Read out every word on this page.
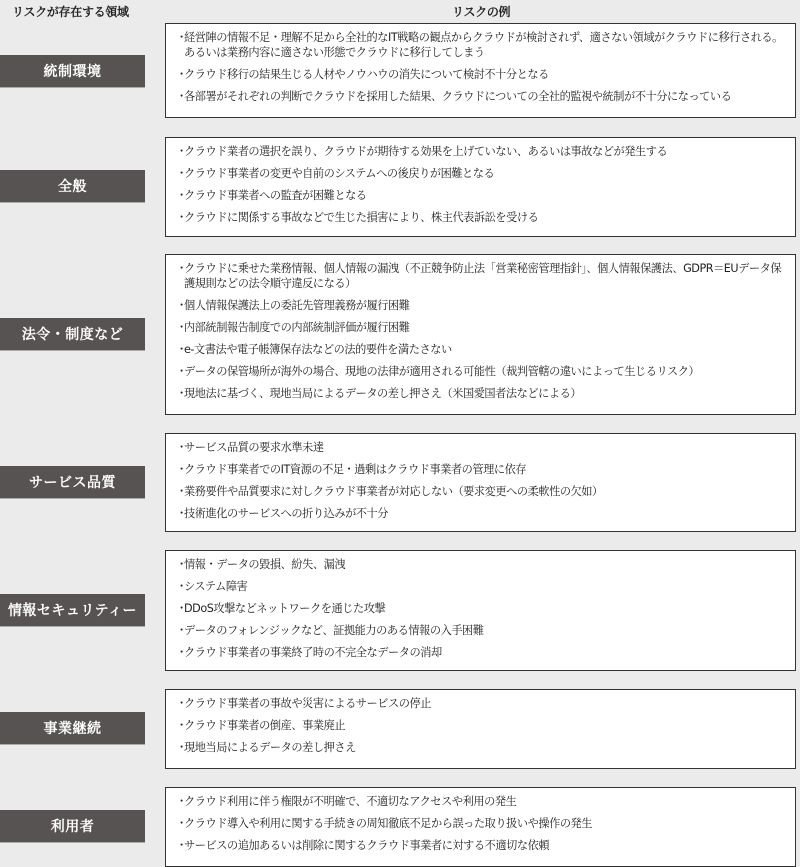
リスクが存在する領域	リスクの例
統制環境
・経営陣の情報不足・理解不足から全社的なIT戦略の観点からクラウドが検討されず、適さない領域がクラウドに移行される。 あるいは業務内容に適さない形態でクラウドに移行してしまう
・クラウド移行の結果生じる人材やノウハウの消失について検討不十分となる
・各部署がそれぞれの判断でクラウドを採用した結果、クラウドについての全社的監視や統制が不十分になっている
全般
・クラウド業者の選択を誤り、クラウドが期待する効果を上げていない、あるいは事故などが発生する
・クラウド事業者の変更や自前のシステムへの後戻りが困難となる
・クラウド事業者への監査が困難となる
・クラウドに関係する事故などで生じた損害により、株主代表訴訟を受ける
法令・制度など
・クラウドに乗せた業務情報、個人情報の漏洩（不正競争防止法「営業秘密管理指針」、個人情報保護法、GDPR＝EUデータ保護規則などの法令順守違反になる）
・個人情報保護法上の委託先管理義務が履行困難
・内部統制報告制度での内部統制評価が履行困難
・e-文書法や電子帳簿保存法などの法的要件を満たさない
・データの保管場所が海外の場合、現地の法律が適用される可能性（裁判管轄の違いによって生じるリスク）
・現地法に基づく、現地当局によるデータの差し押さえ（米国愛国者法などによる）
サービス品質
・サービス品質の要求水準未達
・クラウド事業者でのIT資源の不足・過剰はクラウド事業者の管理に依存
・業務要件や品質要求に対しクラウド事業者が対応しない（要求変更への柔軟性の欠如）
・技術進化のサービスへの折り込みが不十分
情報セキュリティー
・情報・データの毀損、紛失、漏洩
・システム障害
・DDoS攻撃などネットワークを通じた攻撃
・データのフォレンジックなど、証拠能力のある情報の入手困難
・クラウド事業者の事業終了時の不完全なデータの消却
事業継続
・クラウド事業者の事故や災害によるサービスの停止
・クラウド事業者の倒産、事業廃止
・現地当局によるデータの差し押さえ
利用者
・クラウド利用に伴う権限が不明確で、不適切なアクセスや利用の発生
・クラウド導入や利用に関する手続きの周知徹底不足から誤った取り扱いや操作の発生
・サービスの追加あるいは削除に関するクラウド事業者に対する不適切な依頼
